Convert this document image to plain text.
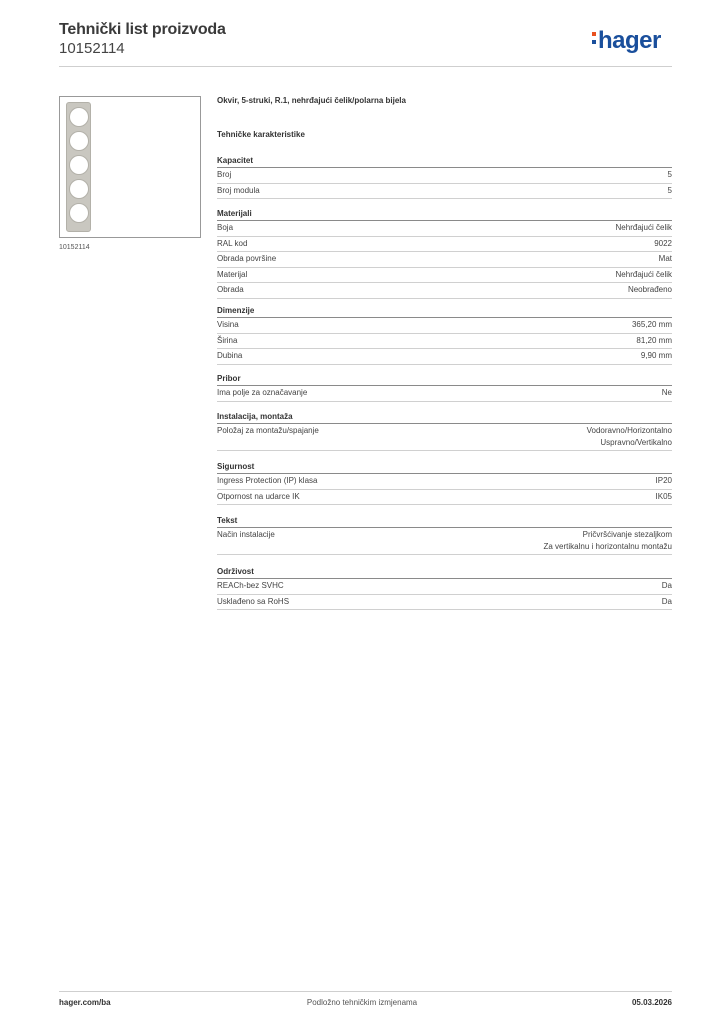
Tehnički list proizvoda
10152114	hager
10152114
Okvir, 5-struki, R.1, nehrđajući čelik/polarna bijela
Tehničke karakteristike
Kapacitet
Broj	5
Broj modula	5
Materijali
Boja	Nehrđajući čelik
RAL kod	9022
Obrada površine	Mat
Materijal	Nehrđajući čelik
Obrada	Neobrađeno
Dimenzije
Visina	365,20 mm
Širina	81,20 mm
Dubina	9,90 mm
Pribor
Ima polje za označavanje	Ne
Instalacija, montaža
Položaj za montažu/spajanje	Vodoravno/Horizontalno
Uspravno/Vertikalno
Sigurnost
Ingress Protection (IP) klasa	IP20
Otpornost na udarce IK	IK05
Tekst
Način instalacije	Pričvršćivanje stezaljkom
Za vertikalnu i horizontalnu montažu
Održivost
REACh-bez SVHC	Da
Usklađeno sa RoHS	Da
hager.com/ba	Podložno tehničkim izmjenama	05.03.2026
